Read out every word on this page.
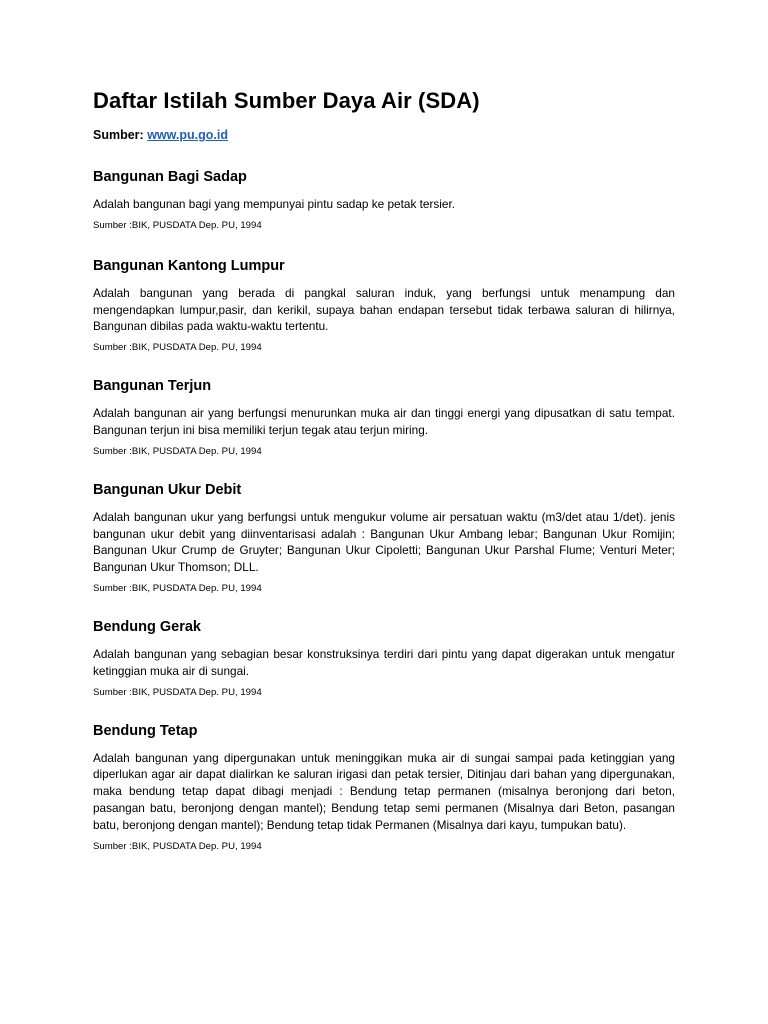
Daftar Istilah Sumber Daya Air (SDA)
Sumber: www.pu.go.id
Bangunan Bagi Sadap

Adalah bangunan bagi yang mempunyai pintu sadap ke petak tersier.

Sumber :BIK, PUSDATA Dep. PU, 1994
Bangunan Kantong Lumpur

Adalah bangunan yang berada di pangkal saluran induk, yang berfungsi untuk menampung dan mengendapkan lumpur,pasir, dan kerikil, supaya bahan endapan tersebut tidak terbawa saluran di hilirnya, Bangunan dibilas pada waktu-waktu tertentu.

Sumber :BIK, PUSDATA Dep. PU, 1994
Bangunan Terjun

Adalah bangunan air yang berfungsi menurunkan muka air dan tinggi energi yang dipusatkan di satu tempat. Bangunan terjun ini bisa memiliki terjun tegak atau terjun miring.

Sumber :BIK, PUSDATA Dep. PU, 1994
Bangunan Ukur Debit

Adalah bangunan ukur yang berfungsi untuk mengukur volume air persatuan waktu (m3/det atau 1/det). jenis bangunan ukur debit yang diinventarisasi adalah : Bangunan Ukur Ambang lebar; Bangunan Ukur Romijin; Bangunan Ukur Crump de Gruyter; Bangunan Ukur Cipoletti; Bangunan Ukur Parshal Flume; Venturi Meter; Bangunan Ukur Thomson; DLL.

Sumber :BIK, PUSDATA Dep. PU, 1994
Bendung Gerak

Adalah bangunan yang sebagian besar konstruksinya terdiri dari pintu yang dapat digerakan untuk mengatur ketinggian muka air di sungai.

Sumber :BIK, PUSDATA Dep. PU, 1994
Bendung Tetap

Adalah bangunan yang dipergunakan untuk meninggikan muka air di sungai sampai pada ketinggian yang diperlukan agar air dapat dialirkan ke saluran irigasi dan petak tersier, Ditinjau dari bahan yang dipergunakan, maka bendung tetap dapat dibagi menjadi : Bendung tetap permanen (misalnya beronjong dari beton, pasangan batu, beronjong dengan mantel); Bendung tetap semi permanen (Misalnya dari Beton, pasangan batu, beronjong dengan mantel); Bendung tetap tidak Permanen (Misalnya dari kayu, tumpukan batu).

Sumber :BIK, PUSDATA Dep. PU, 1994
